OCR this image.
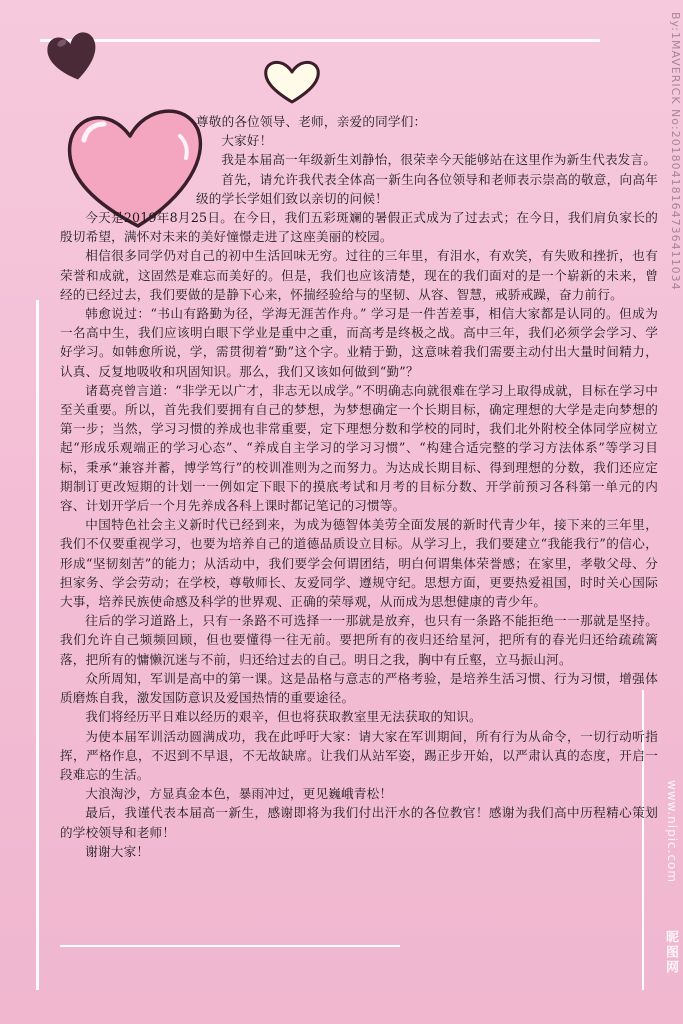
尊敬的各位领导、老师，亲爱的同学们：

大家好！

我是本届高一年级新生刘静怡，很荣幸今天能够站在这里作为新生代表发言。

首先，请允许我代表全体高一新生向各位领导和老师表示崇高的敬意，向高年级的学长学姐们致以亲切的问候！

今天是2019年8月25日。在今日，我们五彩斑斓的暑假正式成为了过去式；在今日，我们肩负家长的殷切希望，满怀对未来的美好憧憬走进了这座美丽的校园。

相信很多同学仍对自己的初中生活回味无穷。过往的三年里，有泪水，有欢笑，有失败和挫折，也有荣誉和成就，这固然是难忘而美好的。但是，我们也应该清楚，现在的我们面对的是一个崭新的未来，曾经的已经过去，我们要做的是静下心来，怀揣经验给与的坚韧、从容、智慧，戒骄戒躁，奋力前行。

韩愈说过：“书山有路勤为径，学海无涯苦作舟。” 学习是一件苦差事，相信大家都是认同的。但成为一名高中生，我们应该明白眼下学业是重中之重，而高考是终极之战。高中三年，我们必须学会学习、学好学习。如韩愈所说，学，需贯彻着“勤”这个字。业精于勤，这意味着我们需要主动付出大量时间精力，认真、反复地吸收和巩固知识。那么，我们又该如何做到“勤”？

诸葛亮曾言道：“非学无以广才，非志无以成学。”不明确志向就很难在学习上取得成就，目标在学习中至关重要。所以，首先我们要拥有自己的梦想，为梦想确定一个长期目标，确定理想的大学是走向梦想的第一步；当然，学习习惯的养成也非常重要，定下理想分数和学校的同时，我们北外附校全体同学应树立起“形成乐观端正的学习心态”、“养成自主学习的学习习惯”、“构建合适完整的学习方法体系”等学习目标，秉承“兼容并蓄，博学笃行”的校训准则为之而努力。为达成长期目标、得到理想的分数，我们还应定期制订更改短期的计划一一例如定下眼下的摸底考试和月考的目标分数、开学前预习各科第一单元的内容、计划开学后一个月先养成各科上课时都记笔记的习惯等。

中国特色社会主义新时代已经到来，为成为德智体美劳全面发展的新时代青少年，接下来的三年里，我们不仅要重视学习，也要为培养自己的道德品质设立目标。从学习上，我们要建立“我能我行”的信心，形成“坚韧刻苦”的能力；从活动中，我们要学会何谓团结，明白何谓集体荣誉感；在家里，孝敬父母、分担家务、学会劳动；在学校，尊敬师长、友爱同学、遵规守纪。思想方面，更要热爱祖国，时时关心国际大事，培养民族使命感及科学的世界观、正确的荣辱观，从而成为思想健康的青少年。

往后的学习道路上，只有一条路不可选择一一那就是放弃，也只有一条路不能拒绝一一那就是坚持。我们允许自己频频回顾，但也要懂得一往无前。要把所有的夜归还给星河，把所有的春光归还给疏疏篱落，把所有的慵懒沉迷与不前，归还给过去的自己。明日之我，胸中有丘壑，立马振山河。

众所周知，军训是高中的第一课。这是品格与意志的严格考验，是培养生活习惯、行为习惯，增强体质磨炼自我，激发国防意识及爱国热情的重要途径。

我们将经历平日难以经历的艰辛，但也将获取教室里无法获取的知识。

为使本届军训活动圆满成功，我在此呼吁大家：请大家在军训期间，所有行为从命令，一切行动听指挥，严格作息，不迟到不早退，不无故缺席。让我们从站军姿，踢正步开始，以严肃认真的态度，开启一段难忘的生活。

大浪淘沙，方显真金本色，暴雨冲过，更见巍峨青松！

最后，我谨代表本届高一新生，感谢即将为我们付出汗水的各位教官！感谢为我们高中历程精心策划的学校领导和老师！

谢谢大家！

By:1MAVERICK No:20180418164736411034
www.nipic.com
昵图网
